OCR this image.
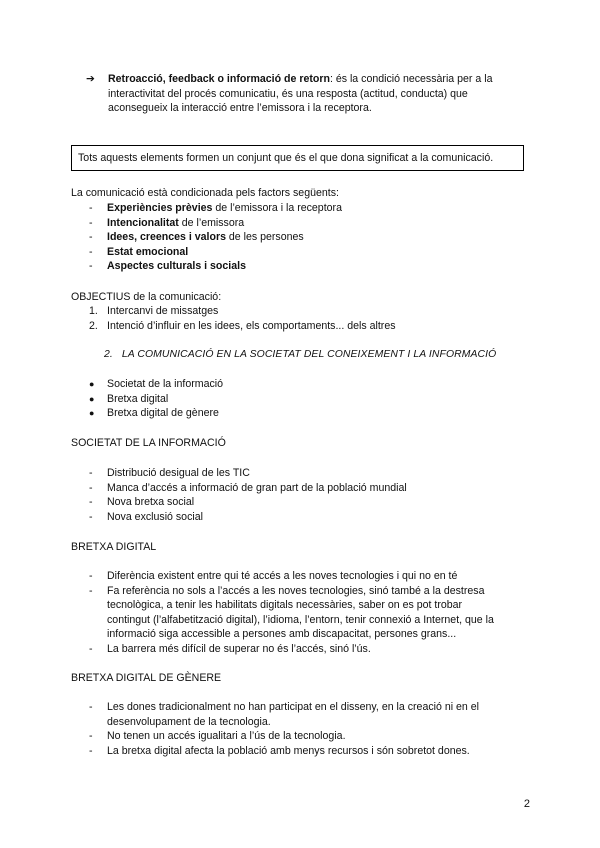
➔ Retroacció, feedback o informació de retorn: és la condició necessària per a la
interactivitat del procés comunicatiu, és una resposta (actitud, conducta) que
aconsegueix la interacció entre l’emissora i la receptora.
Tots aquests elements formen un conjunt que és el que dona significat a la comunicació.
La comunicació està condicionada pels factors següents:
- Experiències prèvies de l’emissora i la receptora
- Intencionalitat de l’emissora
- Idees, creences i valors de les persones
- Estat emocional
- Aspectes culturals i socials
OBJECTIUS de la comunicació:
1. Intercanvi de missatges
2. Intenció d’influir en les idees, els comportaments... dels altres
2. LA COMUNICACIÓ EN LA SOCIETAT DEL CONEIXEMENT I LA INFORMACIÓ
● Societat de la informació
● Bretxa digital
● Bretxa digital de gènere
SOCIETAT DE LA INFORMACIÓ
- Distribució desigual de les TIC
- Manca d’accés a informació de gran part de la població mundial
- Nova bretxa social
- Nova exclusió social
BRETXA DIGITAL
- Diferència existent entre qui té accés a les noves tecnologies i qui no en té
- Fa referència no sols a l’accés a les noves tecnologies, sinó també a la destresa
tecnològica, a tenir les habilitats digitals necessàries, saber on es pot trobar
contingut (l’alfabetització digital), l’idioma, l’entorn, tenir connexió a Internet, que la
informació siga accessible a persones amb discapacitat, persones grans...
- La barrera més difícil de superar no és l’accés, sinó l’ús.
BRETXA DIGITAL DE GÈNERE
- Les dones tradicionalment no han participat en el disseny, en la creació ni en el
desenvolupament de la tecnologia.
- No tenen un accés igualitari a l’ús de la tecnologia.
- La bretxa digital afecta la població amb menys recursos i són sobretot dones.
2
